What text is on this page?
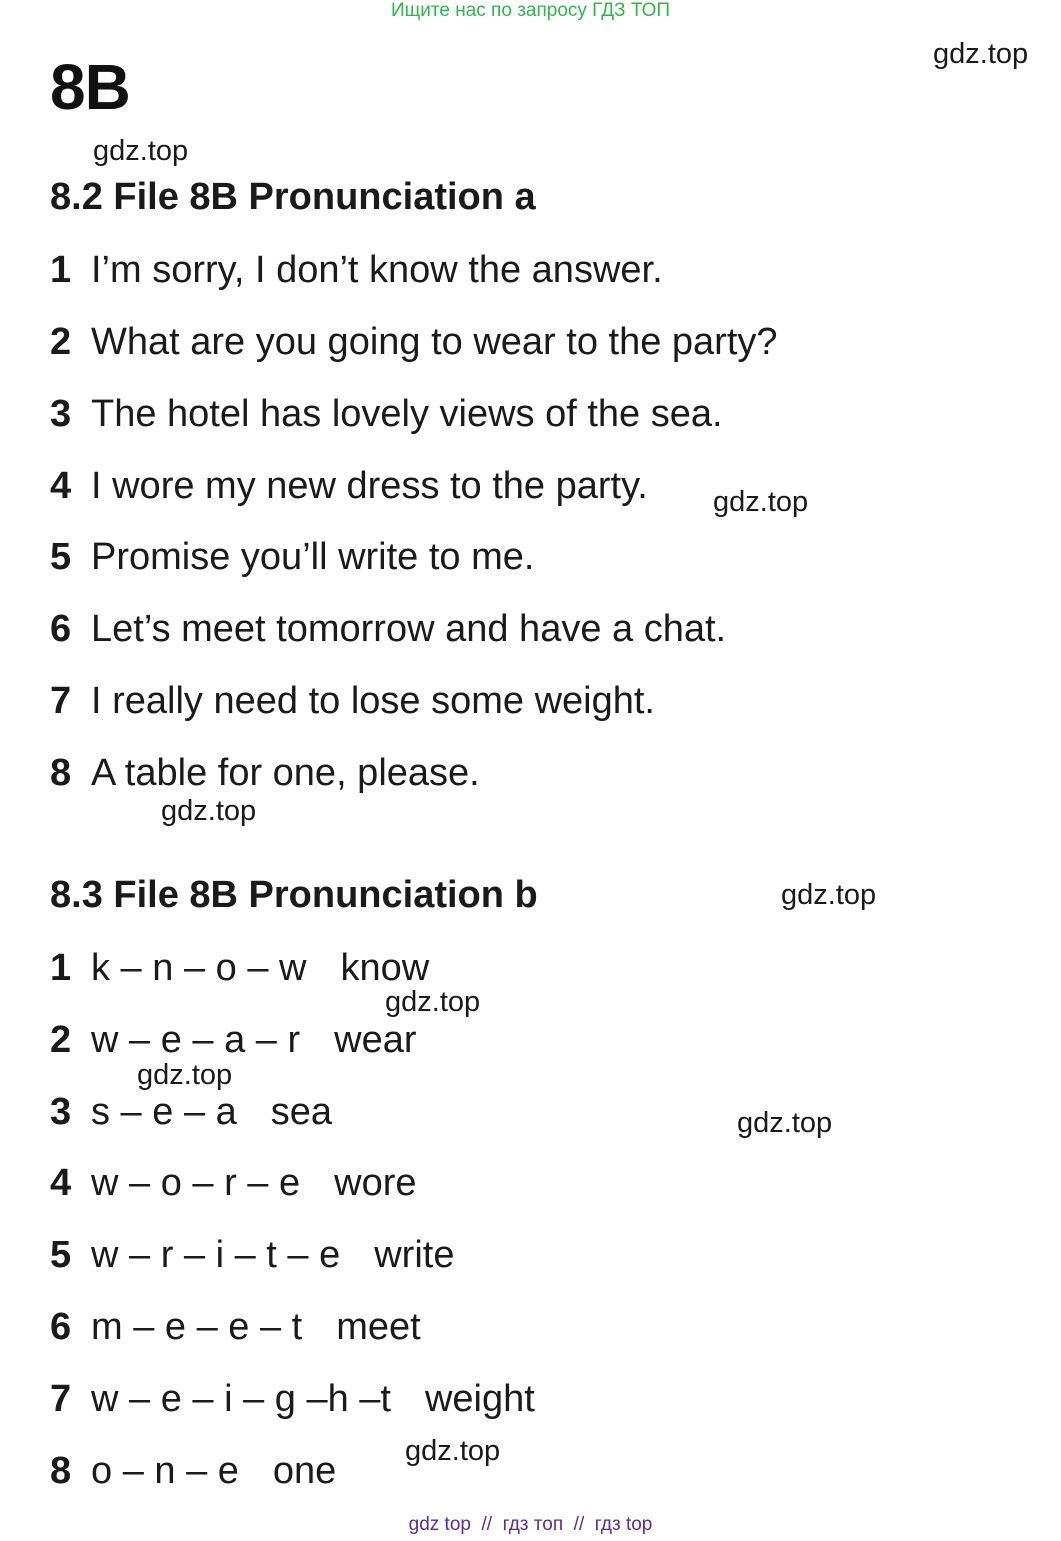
Ищите нас по запросу ГДЗ ТОП
8B	gdz.top
gdz.top
gdz.top
gdz.top
gdz.top
gdz.top
gdz.top
gdz.top
gdz.top
8.2 File 8B Pronunciation a
1 I’m sorry, I don’t know the answer.
2 What are you going to wear to the party?
3 The hotel has lovely views of the sea.
4 I wore my new dress to the party.
5 Promise you’ll write to me.
6 Let’s meet tomorrow and have a chat.
7 I really need to lose some weight.
8 A table for one, please.
8.3 File 8B Pronunciation b
1 k – n – o – w know
2 w – e – a – r wear
3 s – e – a sea
4 w – o – r – e wore
5 w – r – i – t – e write
6 m – e – e – t meet
7 w – e – i – g –h –t weight
8 o – n – e one
gdz top  //  гдз топ  //  гдз top
